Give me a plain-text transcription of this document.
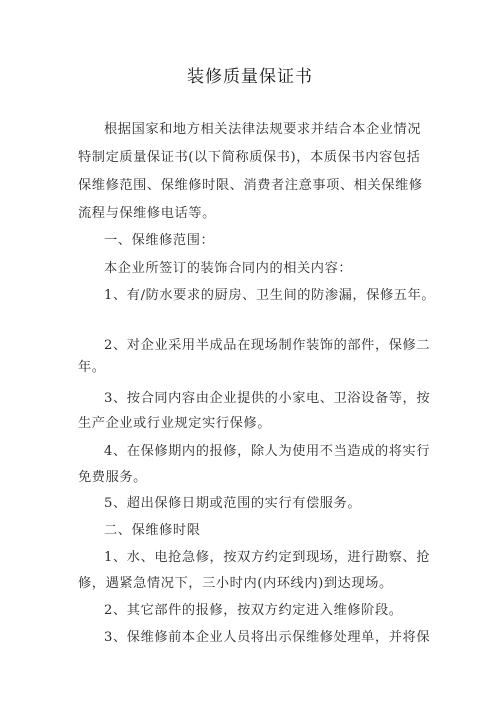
装修质量保证书
根据国家和地方相关法律法规要求并结合本企业情况
特制定质量保证书(以下简称质保书)，本质保书内容包括
保维修范围、保维修时限、消费者注意事项、相关保维修
流程与保维修电话等。
一、保维修范围：
本企业所签订的装饰合同内的相关内容：
1、有/防水要求的厨房、卫生间的防渗漏，保修五年。
2、对企业采用半成品在现场制作装饰的部件，保修二
年。
3、按合同内容由企业提供的小家电、卫浴设备等，按
生产企业或行业规定实行保修。
4、在保修期内的报修，除人为使用不当造成的将实行
免费服务。
5、超出保修日期或范围的实行有偿服务。
二、保维修时限
1、水、电抢急修，按双方约定到现场，进行勘察、抢
修，遇紧急情况下，三小时内(内环线内)到达现场。
2、其它部件的报修，按双方约定进入维修阶段。
3、保维修前本企业人员将出示保维修处理单，并将保
